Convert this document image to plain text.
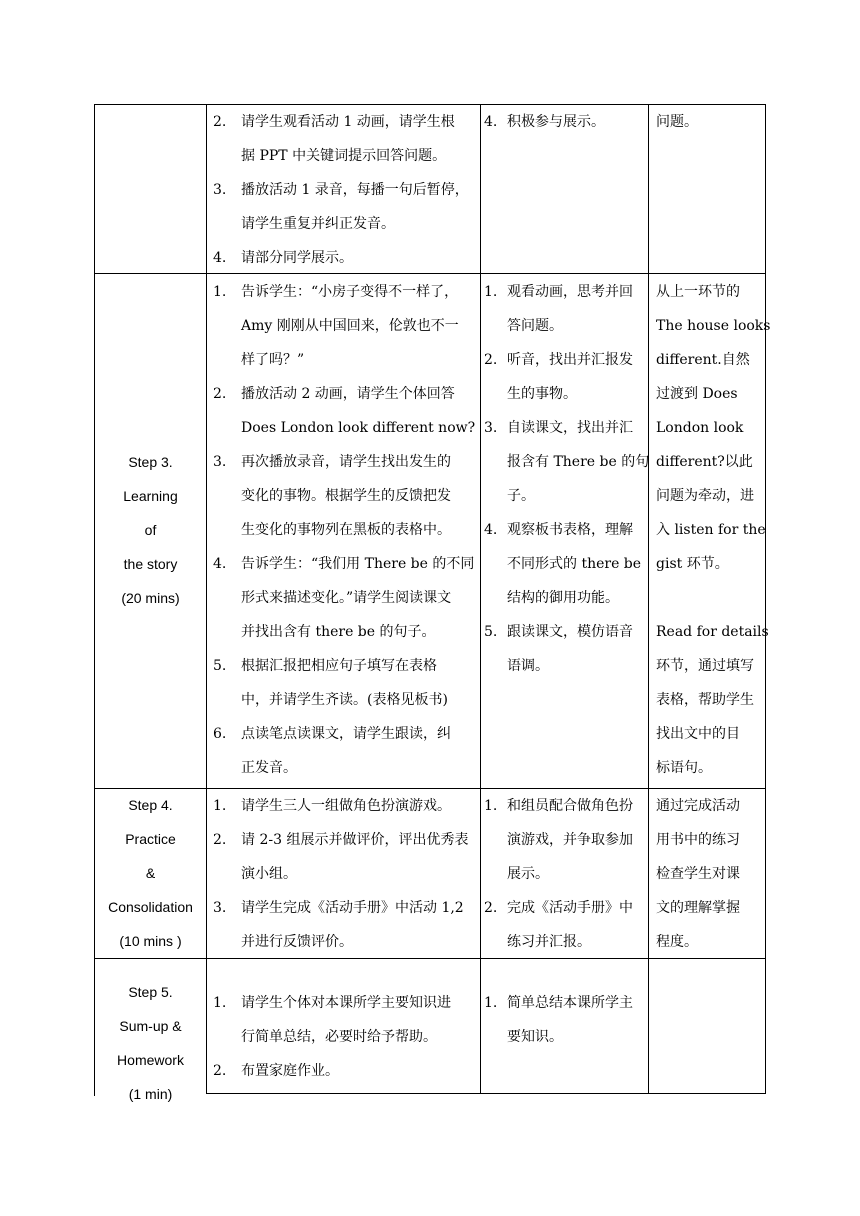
2. 请学生观看活动 1 动画，请学生根
据 PPT 中关键词提示回答问题。
3. 播放活动 1 录音，每播一句后暂停，
请学生重复并纠正发音。
4. 请部分同学展示。
4. 积极参与展示。	问题。
Step 3.
Learning
of
the story
(20 mins)
1. 告诉学生：“小房子变得不一样了，
Amy 刚刚从中国回来，伦敦也不一
样了吗？”
2. 播放活动 2 动画，请学生个体回答
Does London look different now?
3. 再次播放录音，请学生找出发生的
变化的事物。根据学生的反馈把发
生变化的事物列在黑板的表格中。
4. 告诉学生：“我们用 There be 的不同
形式来描述变化。”请学生阅读课文
并找出含有 there be 的句子。
5. 根据汇报把相应句子填写在表格
中，并请学生齐读。(表格见板书)
6. 点读笔点读课文，请学生跟读，纠
正发音。
1. 观看动画，思考并回
答问题。
2. 听音，找出并汇报发
生的事物。
3. 自读课文，找出并汇
报含有 There be 的句
子。
4. 观察板书表格，理解
不同形式的 there be
结构的御用功能。
5. 跟读课文，模仿语音
语调。
从上一环节的
The house looks
different.自然
过渡到 Does
London look
different?以此
问题为牵动，进
入 listen for the
gist 环节。
Read for details
环节，通过填写
表格，帮助学生
找出文中的目
标语句。
Step 4.
Practice
&
Consolidation
(10 mins )
1. 请学生三人一组做角色扮演游戏。
2. 请 2-3 组展示并做评价，评出优秀表
演小组。
3. 请学生完成《活动手册》中活动 1,2
并进行反馈评价。
1. 和组员配合做角色扮
演游戏，并争取参加
展示。
2. 完成《活动手册》中
练习并汇报。
通过完成活动
用书中的练习
检查学生对课
文的理解掌握
程度。
Step 5.
Sum-up &
Homework
(1 min)
1. 请学生个体对本课所学主要知识进
行简单总结，必要时给予帮助。
2. 布置家庭作业。
1. 简单总结本课所学主
要知识。
